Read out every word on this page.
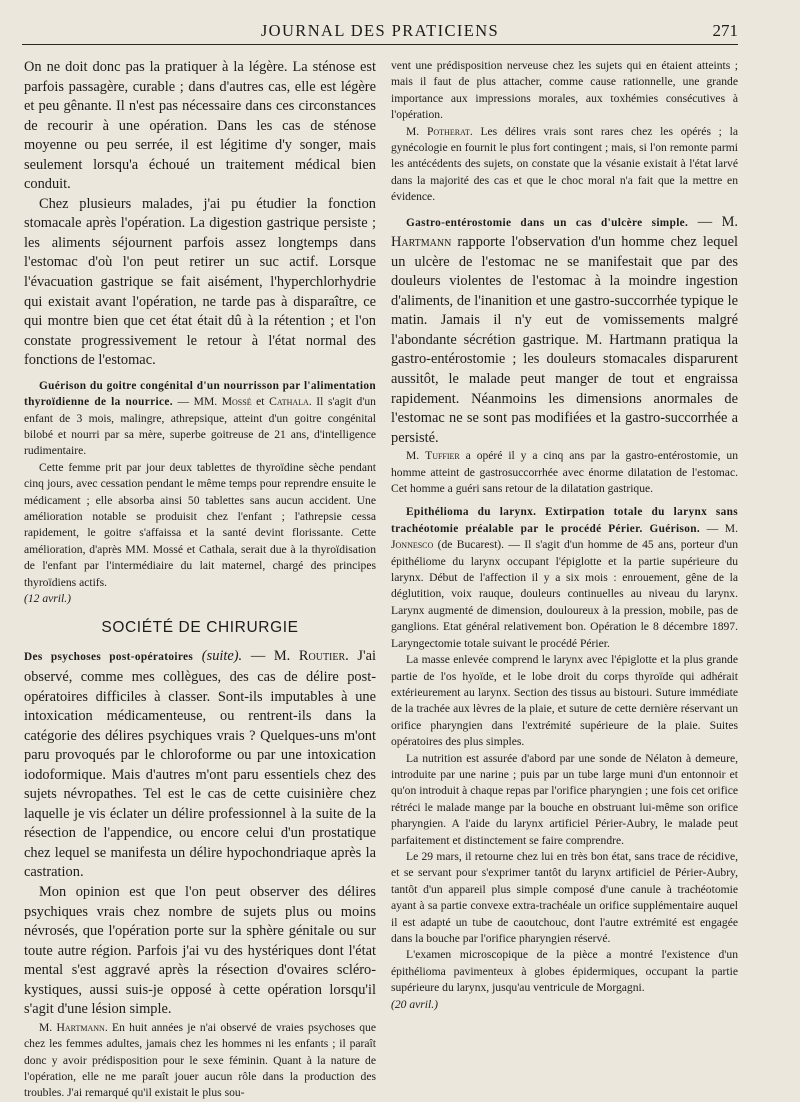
JOURNAL DES PRATICIENS	271

On ne doit donc pas la pratiquer à la légère. La sténose est parfois passagère, curable ; dans d'autres cas, elle est légère et peu gênante. Il n'est pas nécessaire dans ces circonstances de recourir à une opération. Dans les cas de sténose moyenne ou peu serrée, il est légitime d'y songer, mais seulement lorsqu'a échoué un traitement médical bien conduit.

Chez plusieurs malades, j'ai pu étudier la fonction stomacale après l'opération. La digestion gastrique persiste ; les aliments séjournent parfois assez longtemps dans l'estomac d'où l'on peut retirer un suc actif. Lorsque l'évacuation gastrique se fait aisément, l'hyperchlorhydrie qui existait avant l'opération, ne tarde pas à disparaître, ce qui montre bien que cet état était dû à la rétention ; et l'on constate progressivement le retour à l'état normal des fonctions de l'estomac.

Guérison du goitre congénital d'un nourrisson par l'alimentation thyroïdienne de la nourrice. — MM. Mossé et Cathala. Il s'agit d'un enfant de 3 mois, malingre, athrepsique, atteint d'un goitre congénital bilobé et nourri par sa mère, superbe goitreuse de 21 ans, d'intelligence rudimentaire.

Cette femme prit par jour deux tablettes de thyroïdine sèche pendant cinq jours, avec cessation pendant le même temps pour reprendre ensuite le médicament ; elle absorba ainsi 50 tablettes sans aucun accident. Une amélioration notable se produisit chez l'enfant ; l'athrepsie cessa rapidement, le goitre s'affaissa et la santé devint florissante. Cette amélioration, d'après MM. Mossé et Cathala, serait due à la thyroïdisation de l'enfant par l'intermédiaire du lait maternel, chargé des principes thyroïdiens actifs.

(12 avril.)

SOCIÉTÉ DE CHIRURGIE

Des psychoses post-opératoires (suite). — M. Routier. J'ai observé, comme mes collègues, des cas de délire post-opératoires difficiles à classer. Sont-ils imputables à une intoxication médicamenteuse, ou rentrent-ils dans la catégorie des délires psychiques vrais ? Quelques-uns m'ont paru provoqués par le chloroforme ou par une intoxication iodoformique. Mais d'autres m'ont paru essentiels chez des sujets névropathes. Tel est le cas de cette cuisinière chez laquelle je vis éclater un délire professionnel à la suite de la résection de l'appendice, ou encore celui d'un prostatique chez lequel se manifesta un délire hypochondriaque après la castration.

Mon opinion est que l'on peut observer des délires psychiques vrais chez nombre de sujets plus ou moins névrosés, que l'opération porte sur la sphère génitale ou sur toute autre région. Parfois j'ai vu des hystériques dont l'état mental s'est aggravé après la résection d'ovaires scléro-kystiques, aussi suis-je opposé à cette opération lorsqu'il s'agit d'une lésion simple.

M. Hartmann. En huit années je n'ai observé de vraies psychoses que chez les femmes adultes, jamais chez les hommes ni les enfants ; il paraît donc y avoir prédisposition pour le sexe féminin. Quant à la nature de l'opération, elle ne me paraît jouer aucun rôle dans la production des troubles. J'ai remarqué qu'il existait le plus sou-

vent une prédisposition nerveuse chez les sujets qui en étaient atteints ; mais il faut de plus attacher, comme cause rationnelle, une grande importance aux impressions morales, aux toxhémies consécutives à l'opération.

M. Potherat. Les délires vrais sont rares chez les opérés ; la gynécologie en fournit le plus fort contingent ; mais, si l'on remonte parmi les antécédents des sujets, on constate que la vésanie existait à l'état larvé dans la majorité des cas et que le choc moral n'a fait que la mettre en évidence.

Gastro-entérostomie dans un cas d'ulcère simple. — M. Hartmann rapporte l'observation d'un homme chez lequel un ulcère de l'estomac ne se manifestait que par des douleurs violentes de l'estomac à la moindre ingestion d'aliments, de l'inanition et une gastro-succorrhée typique le matin. Jamais il n'y eut de vomissements malgré l'abondante sécrétion gastrique. M. Hartmann pratiqua la gastro-entérostomie ; les douleurs stomacales disparurent aussitôt, le malade peut manger de tout et engraissa rapidement. Néanmoins les dimensions anormales de l'estomac ne se sont pas modifiées et la gastro-succorrhée a persisté.

M. Tuffier a opéré il y a cinq ans par la gastro-entérostomie, un homme atteint de gastrosuccorrhée avec énorme dilatation de l'estomac. Cet homme a guéri sans retour de la dilatation gastrique.

Epithélioma du larynx. Extirpation totale du larynx sans trachéotomie préalable par le procédé Périer. Guérison. — M. Jonnesco (de Bucarest). — Il s'agit d'un homme de 45 ans, porteur d'un épithéliome du larynx occupant l'épiglotte et la partie supérieure du larynx. Début de l'affection il y a six mois : enrouement, gêne de la déglutition, voix rauque, douleurs continuelles au niveau du larynx. Larynx augmenté de dimension, douloureux à la pression, mobile, pas de ganglions. Etat général relativement bon. Opération le 8 décembre 1897. Laryngectomie totale suivant le procédé Périer.

La masse enlevée comprend le larynx avec l'épiglotte et la plus grande partie de l'os hyoïde, et le lobe droit du corps thyroïde qui adhérait extérieurement au larynx. Section des tissus au bistouri. Suture immédiate de la trachée aux lèvres de la plaie, et suture de cette dernière réservant un orifice pharyngien dans l'extrémité supérieure de la plaie. Suites opératoires des plus simples.

La nutrition est assurée d'abord par une sonde de Nélaton à demeure, introduite par une narine ; puis par un tube large muni d'un entonnoir et qu'on introduit à chaque repas par l'orifice pharyngien ; une fois cet orifice rétréci le malade mange par la bouche en obstruant lui-même son orifice pharyngien. A l'aide du larynx artificiel Périer-Aubry, le malade peut parfaitement et distinctement se faire comprendre.

Le 29 mars, il retourne chez lui en très bon état, sans trace de récidive, et se servant pour s'exprimer tantôt du larynx artificiel de Périer-Aubry, tantôt d'un appareil plus simple composé d'une canule à trachéotomie ayant à sa partie convexe extra-trachéale un orifice supplémentaire auquel il est adapté un tube de caoutchouc, dont l'autre extrémité est engagée dans la bouche par l'orifice pharyngien réservé.

L'examen microscopique de la pièce a montré l'existence d'un épithélioma pavimenteux à globes épidermiques, occupant la partie supérieure du larynx, jusqu'au ventricule de Morgagni.

(20 avril.)
